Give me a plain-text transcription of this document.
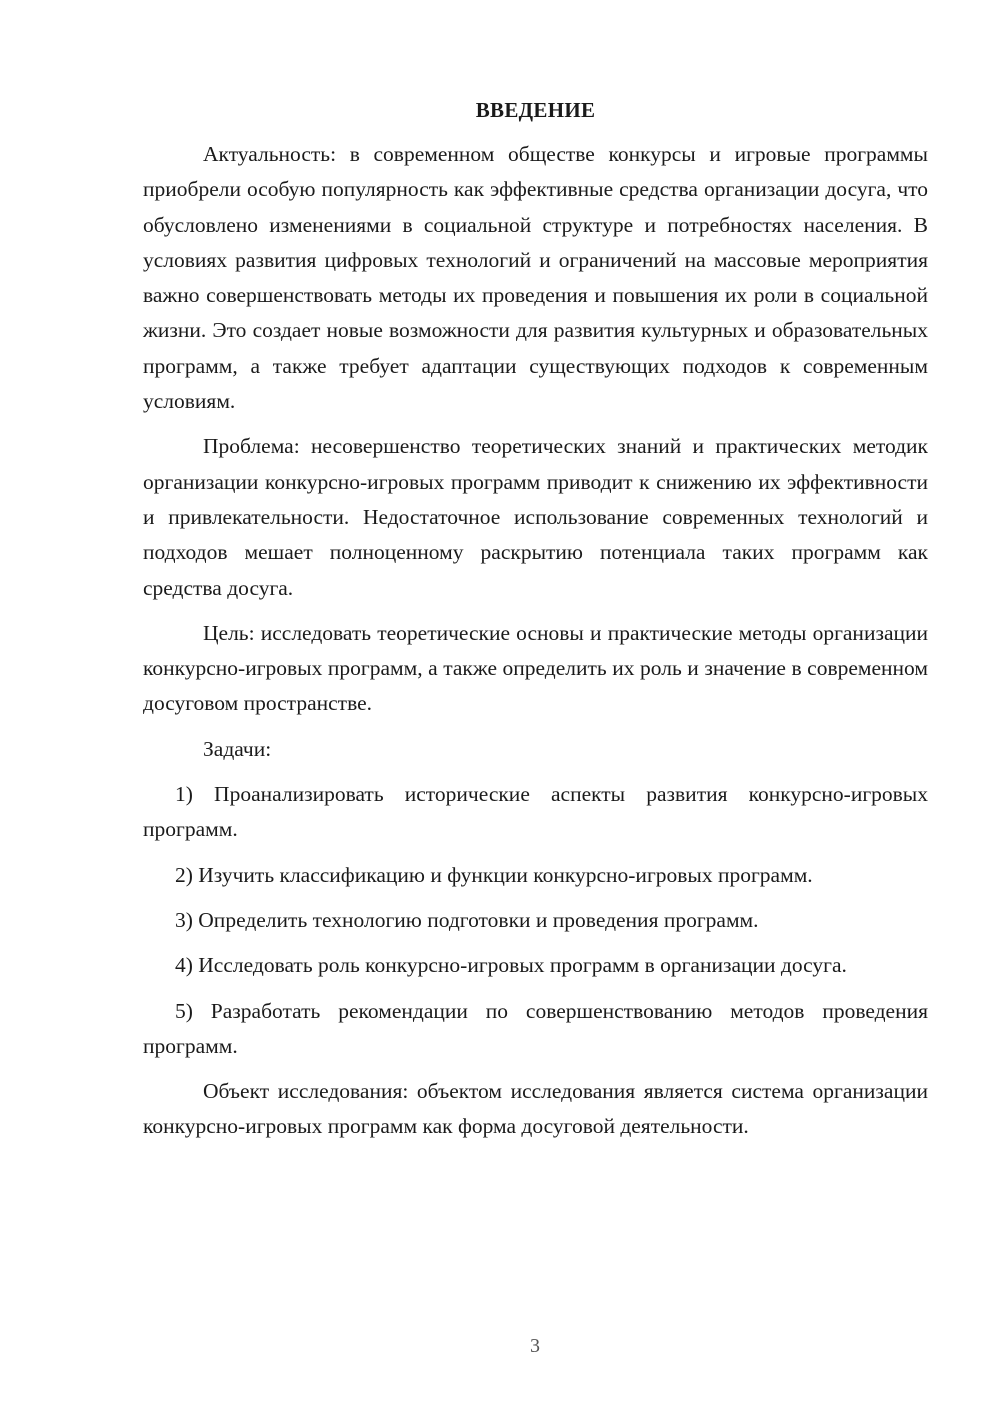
ВВЕДЕНИЕ

Актуальность: в современном обществе конкурсы и игровые программы приобрели особую популярность как эффективные средства организации досуга, что обусловлено изменениями в социальной структуре и потребностях населения. В условиях развития цифровых технологий и ограничений на массовые мероприятия важно совершенствовать методы их проведения и повышения их роли в социальной жизни. Это создает новые возможности для развития культурных и образовательных программ, а также требует адаптации существующих подходов к современным условиям.

Проблема: несовершенство теоретических знаний и практических методик организации конкурсно-игровых программ приводит к снижению их эффективности и привлекательности. Недостаточное использование современных технологий и подходов мешает полноценному раскрытию потенциала таких программ как средства досуга.

Цель: исследовать теоретические основы и практические методы организации конкурсно-игровых программ, а также определить их роль и значение в современном досуговом пространстве.

Задачи:

1) Проанализировать исторические аспекты развития конкурсно-игровых программ.

2) Изучить классификацию и функции конкурсно-игровых программ.

3) Определить технологию подготовки и проведения программ.

4) Исследовать роль конкурсно-игровых программ в организации досуга.

5) Разработать рекомендации по совершенствованию методов проведения программ.

Объект исследования: объектом исследования является система организации конкурсно-игровых программ как форма досуговой деятельности.

3
